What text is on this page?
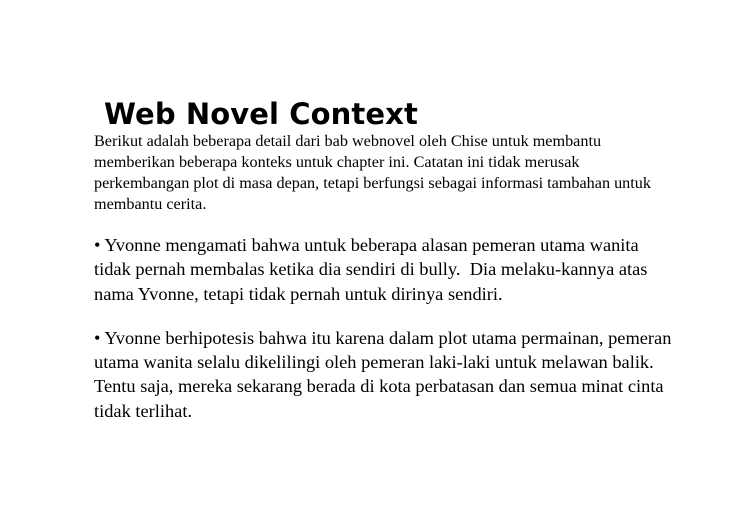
Web Novel Context

Berikut adalah beberapa detail dari bab webnovel oleh Chise untuk membantu memberikan beberapa konteks untuk chapter ini. Catatan ini tidak merusak perkembangan plot di masa depan, tetapi berfungsi sebagai informasi tambahan untuk membantu cerita.

• Yvonne mengamati bahwa untuk beberapa alasan pemeran utama wanita tidak pernah membalas ketika dia sendiri di bully.  Dia melaku-kannya atas nama Yvonne, tetapi tidak pernah untuk dirinya sendiri.

• Yvonne berhipotesis bahwa itu karena dalam plot utama permainan, pemeran utama wanita selalu dikelilingi oleh pemeran laki-laki untuk melawan balik. Tentu saja, mereka sekarang berada di kota perbatasan dan semua minat cinta tidak terlihat.
